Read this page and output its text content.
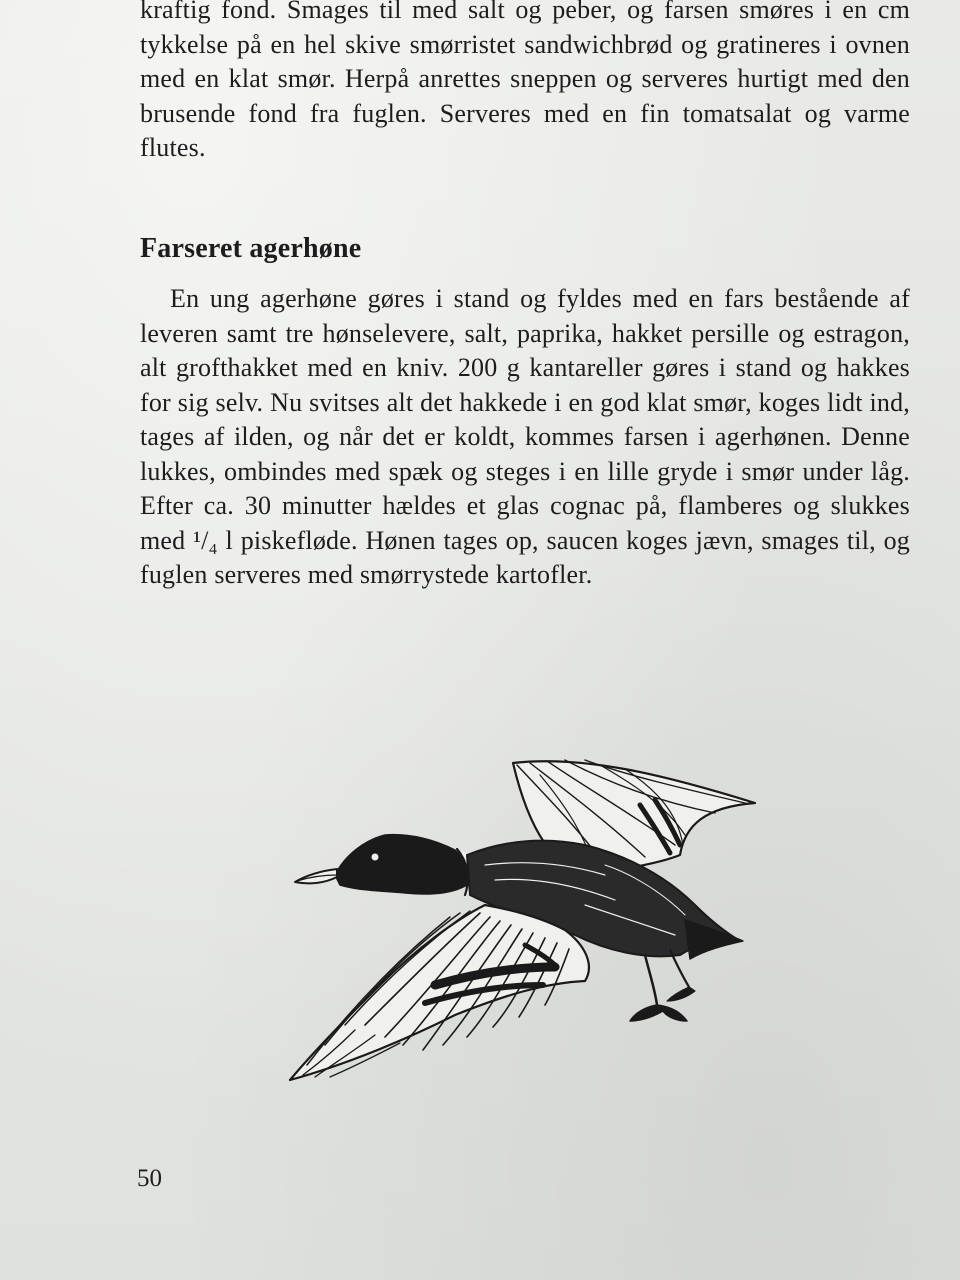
kraftig fond. Smages til med salt og peber, og farsen smøres i en cm tykkelse på en hel skive smørristet sandwichbrød og gratineres i ovnen med en klat smør. Herpå anrettes sneppen og serveres hurtigt med den brusende fond fra fuglen. Serveres med en fin tomatsalat og varme flutes.

Farseret agerhøne

En ung agerhøne gøres i stand og fyldes med en fars bestående af leveren samt tre hønselevere, salt, paprika, hakket persille og estragon, alt grofthakket med en kniv. 200 g kantareller gøres i stand og hakkes for sig selv. Nu svitses alt det hakkede i en god klat smør, koges lidt ind, tages af ilden, og når det er koldt, kommes farsen i agerhønen. Denne lukkes, ombindes med spæk og steges i en lille gryde i smør under låg. Efter ca. 30 minutter hældes et glas cognac på, flamberes og slukkes med ¹/₄ l piskefløde. Hønen tages op, saucen koges jævn, smages til, og fuglen serveres med smørrystede kartofler.

50
